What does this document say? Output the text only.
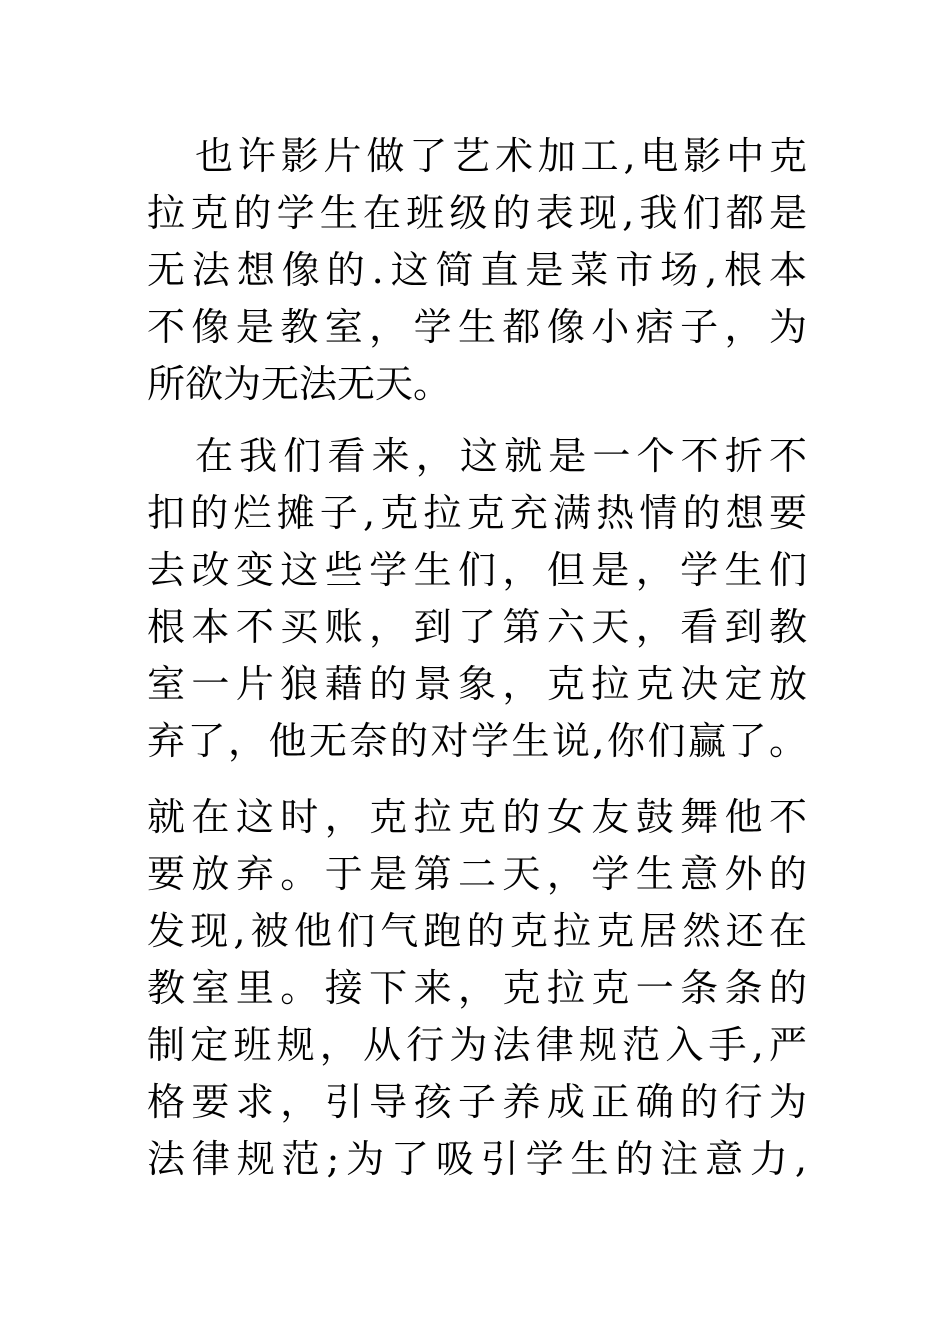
也许影片做了艺术加工,电影中克
拉克的学生在班级的表现,我们都是
无法想像的.这简直是菜市场,根本
不像是教室，学生都像小痞子，为
所欲为无法无天。
在我们看来，这就是一个不折不
扣的烂摊子,克拉克充满热情的想要
去改变这些学生们，但是，学生们
根本不买账，到了第六天，看到教
室一片狼藉的景象，克拉克决定放
弃了，他无奈的对学生说,你们赢了。
就在这时，克拉克的女友鼓舞他不
要放弃。于是第二天，学生意外的
发现,被他们气跑的克拉克居然还在
教室里。接下来，克拉克一条条的
制定班规，从行为法律规范入手,严
格要求，引导孩子养成正确的行为
法律规范;为了吸引学生的注意力,
